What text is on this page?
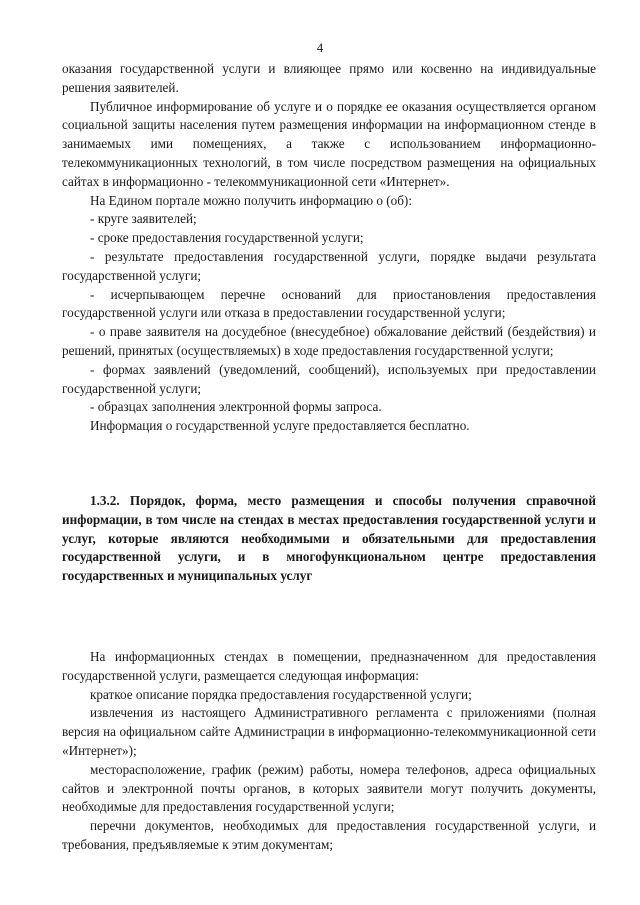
4

оказания государственной услуги и влияющее прямо или косвенно на индивидуальные решения заявителей.

Публичное информирование об услуге и о порядке ее оказания осуществляется органом социальной защиты населения путем размещения информации на информационном стенде в занимаемых ими помещениях, а также с использованием информационно-телекоммуникационных технологий, в том числе посредством размещения на официальных сайтах в информационно - телекоммуникационной сети «Интернет».

На Едином портале можно получить информацию о (об):

- круге заявителей;

- сроке предоставления государственной услуги;

- результате предоставления государственной услуги, порядке выдачи результата государственной услуги;

- исчерпывающем перечне оснований для приостановления предоставления государственной услуги или отказа в предоставлении государственной услуги;

- о праве заявителя на досудебное (внесудебное) обжалование действий (бездействия) и решений, принятых (осуществляемых) в ходе предоставления государственной услуги;

- формах заявлений (уведомлений, сообщений), используемых при предоставлении государственной услуги;

- образцах заполнения электронной формы запроса.

Информация о государственной услуге предоставляется бесплатно.

1.3.2. Порядок, форма, место размещения и способы получения справочной информации, в том числе на стендах в местах предоставления государственной услуги и услуг, которые являются необходимыми и обязательными для предоставления государственной услуги, и в многофункциональном центре предоставления государственных и муниципальных услуг

На информационных стендах в помещении, предназначенном для предоставления государственной услуги, размещается следующая информация:

краткое описание порядка предоставления государственной услуги;

извлечения из настоящего Административного регламента с приложениями (полная версия на официальном сайте Администрации в информационно-телекоммуникационной сети «Интернет»);

месторасположение, график (режим) работы, номера телефонов, адреса официальных сайтов и электронной почты органов, в которых заявители могут получить документы, необходимые для предоставления государственной услуги;

перечни документов, необходимых для предоставления государственной услуги, и требования, предъявляемые к этим документам;
